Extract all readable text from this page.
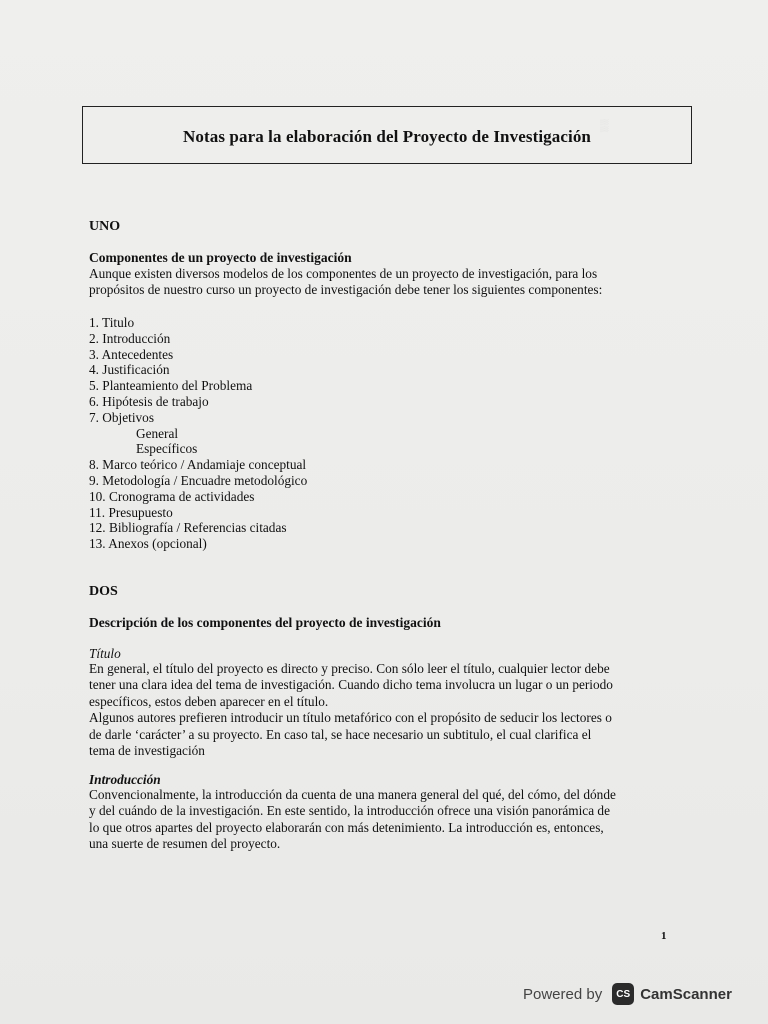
▒
Notas para la elaboración del Proyecto de Investigación
UNO
Componentes de un proyecto de investigación
Aunque existen diversos modelos de los componentes de un proyecto de investigación, para los
propósitos de nuestro curso un proyecto de investigación debe tener los siguientes componentes:
1. Titulo
2. Introducción
3. Antecedentes
4. Justificación
5. Planteamiento del Problema
6. Hipótesis de trabajo
7. Objetivos
General
Específicos
8. Marco teórico / Andamiaje conceptual
9. Metodología / Encuadre metodológico
10. Cronograma de actividades
11. Presupuesto
12. Bibliografía / Referencias citadas
13. Anexos (opcional)
DOS
Descripción de los componentes del proyecto de investigación
Título
En general, el título del proyecto es directo y preciso. Con sólo leer el título, cualquier lector debe
tener una clara idea del tema de investigación. Cuando dicho tema involucra un lugar o un periodo
específicos, estos deben aparecer en el título.
Algunos autores prefieren introducir un título metafórico con el propósito de seducir los lectores o
de darle ‘carácter’ a su proyecto. En caso tal, se hace necesario un subtitulo, el cual clarifica el
tema de investigación
Introducción
Convencionalmente, la introducción da cuenta de una manera general del qué, del cómo, del dónde
y del cuándo de la investigación. En este sentido, la introducción ofrece una visión panorámica de
lo que otros apartes del proyecto elaborarán con más detenimiento. La introducción es, entonces,
una suerte de resumen del proyecto.
1
Powered by	CS CamScanner
